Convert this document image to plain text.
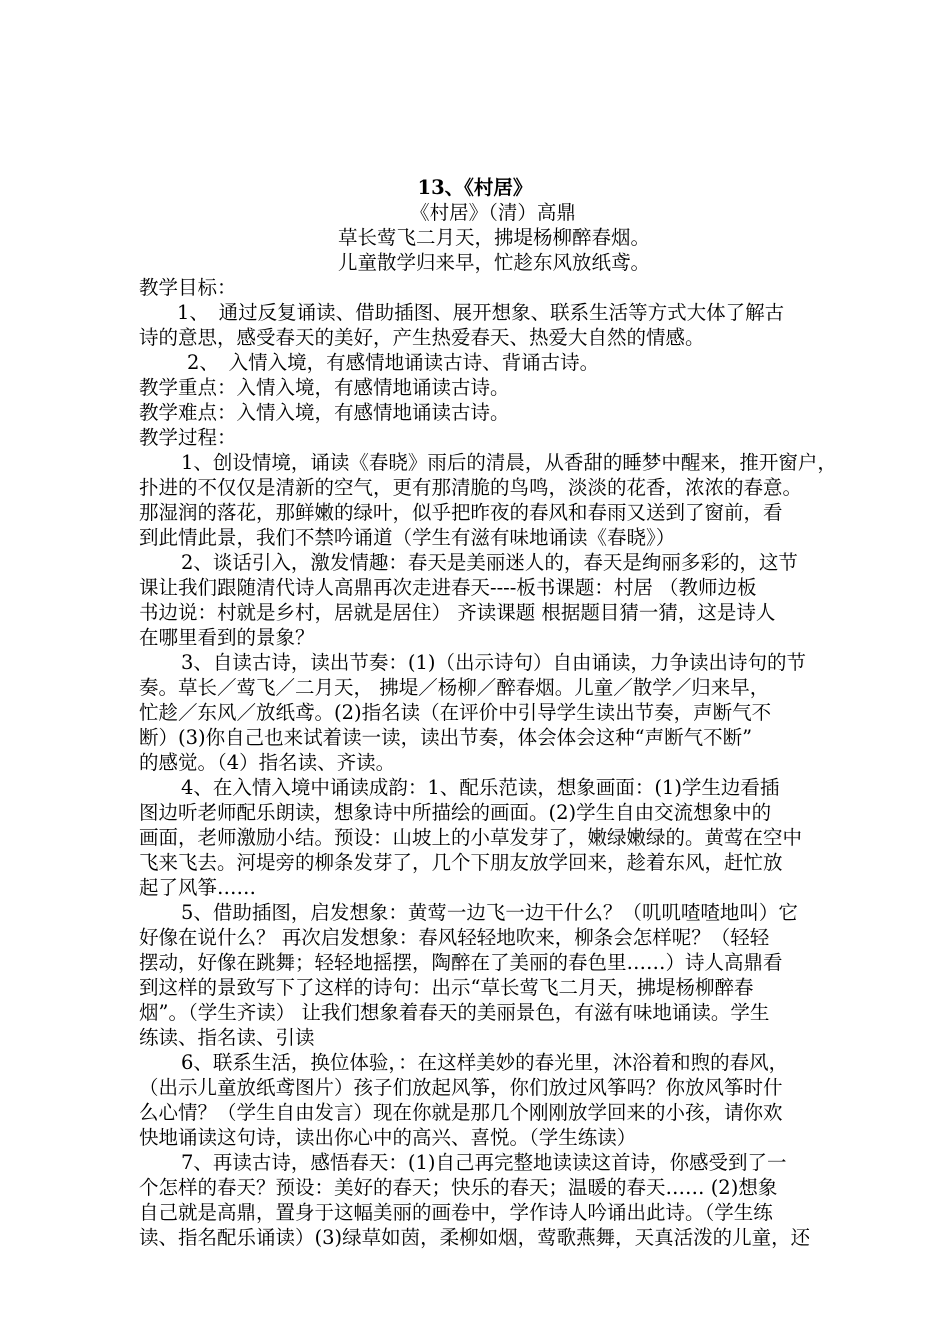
13、《村居》
《村居》（清）高鼎
草长莺飞二月天，拂堤杨柳醉春烟。
儿童散学归来早，忙趁东风放纸鸢。
教学目标：
1、　通过反复诵读、借助插图、展开想象、联系生活等方式大体了解古
诗的意思，感受春天的美好，产生热爱春天、热爱大自然的情感。
2、　入情入境，有感情地诵读古诗、背诵古诗。
教学重点：入情入境，有感情地诵读古诗。
教学难点：入情入境，有感情地诵读古诗。
教学过程：
1、创设情境，诵读《春晓》雨后的清晨，从香甜的睡梦中醒来，推开窗户，
扑进的不仅仅是清新的空气，更有那清脆的鸟鸣，淡淡的花香，浓浓的春意。
那湿润的落花，那鲜嫩的绿叶，似乎把昨夜的春风和春雨又送到了窗前，看
到此情此景，我们不禁吟诵道（学生有滋有味地诵读《春晓》）
2、谈话引入，激发情趣：春天是美丽迷人的，春天是绚丽多彩的，这节
课让我们跟随清代诗人高鼎再次走进春天----板书课题：村居 （教师边板
书边说：村就是乡村，居就是居住） 齐读课题 根据题目猜一猜，这是诗人
在哪里看到的景象？
3、自读古诗，读出节奏：(1)（出示诗句）自由诵读，力争读出诗句的节
奏。草长／莺飞／二月天， 拂堤／杨柳／醉春烟。儿童／散学／归来早，
忙趁／东风／放纸鸢。(2)指名读（在评价中引导学生读出节奏，声断气不
断）(3)你自己也来试着读一读，读出节奏，体会体会这种“声断气不断”
的感觉。（4）指名读、齐读。
4、在入情入境中诵读成韵：1、配乐范读，想象画面：(1)学生边看插
图边听老师配乐朗读，想象诗中所描绘的画面。(2)学生自由交流想象中的
画面，老师激励小结。预设：山坡上的小草发芽了，嫩绿嫩绿的。黄莺在空中
飞来飞去。河堤旁的柳条发芽了，几个下朋友放学回来，趁着东风，赶忙放
起了风筝……
5、借助插图，启发想象：黄莺一边飞一边干什么？（叽叽喳喳地叫）它
好像在说什么？ 再次启发想象：春风轻轻地吹来，柳条会怎样呢？（轻轻
摆动，好像在跳舞；轻轻地摇摆，陶醉在了美丽的春色里……）诗人高鼎看
到这样的景致写下了这样的诗句：出示“草长莺飞二月天，拂堤杨柳醉春
烟”。（学生齐读） 让我们想象着春天的美丽景色，有滋有味地诵读。学生
练读、指名读、引读
6、联系生活，换位体验，：在这样美妙的春光里，沐浴着和煦的春风，
（出示儿童放纸鸢图片）孩子们放起风筝，你们放过风筝吗？你放风筝时什
么心情？（学生自由发言）现在你就是那几个刚刚放学回来的小孩，请你欢
快地诵读这句诗，读出你心中的高兴、喜悦。（学生练读）
7、再读古诗，感悟春天：(1)自己再完整地读读这首诗，你感受到了一
个怎样的春天？预设：美好的春天；快乐的春天；温暖的春天…… (2)想象
自己就是高鼎，置身于这幅美丽的画卷中，学作诗人吟诵出此诗。（学生练
读、指名配乐诵读）(3)绿草如茵，柔柳如烟，莺歌燕舞，天真活泼的儿童，还
